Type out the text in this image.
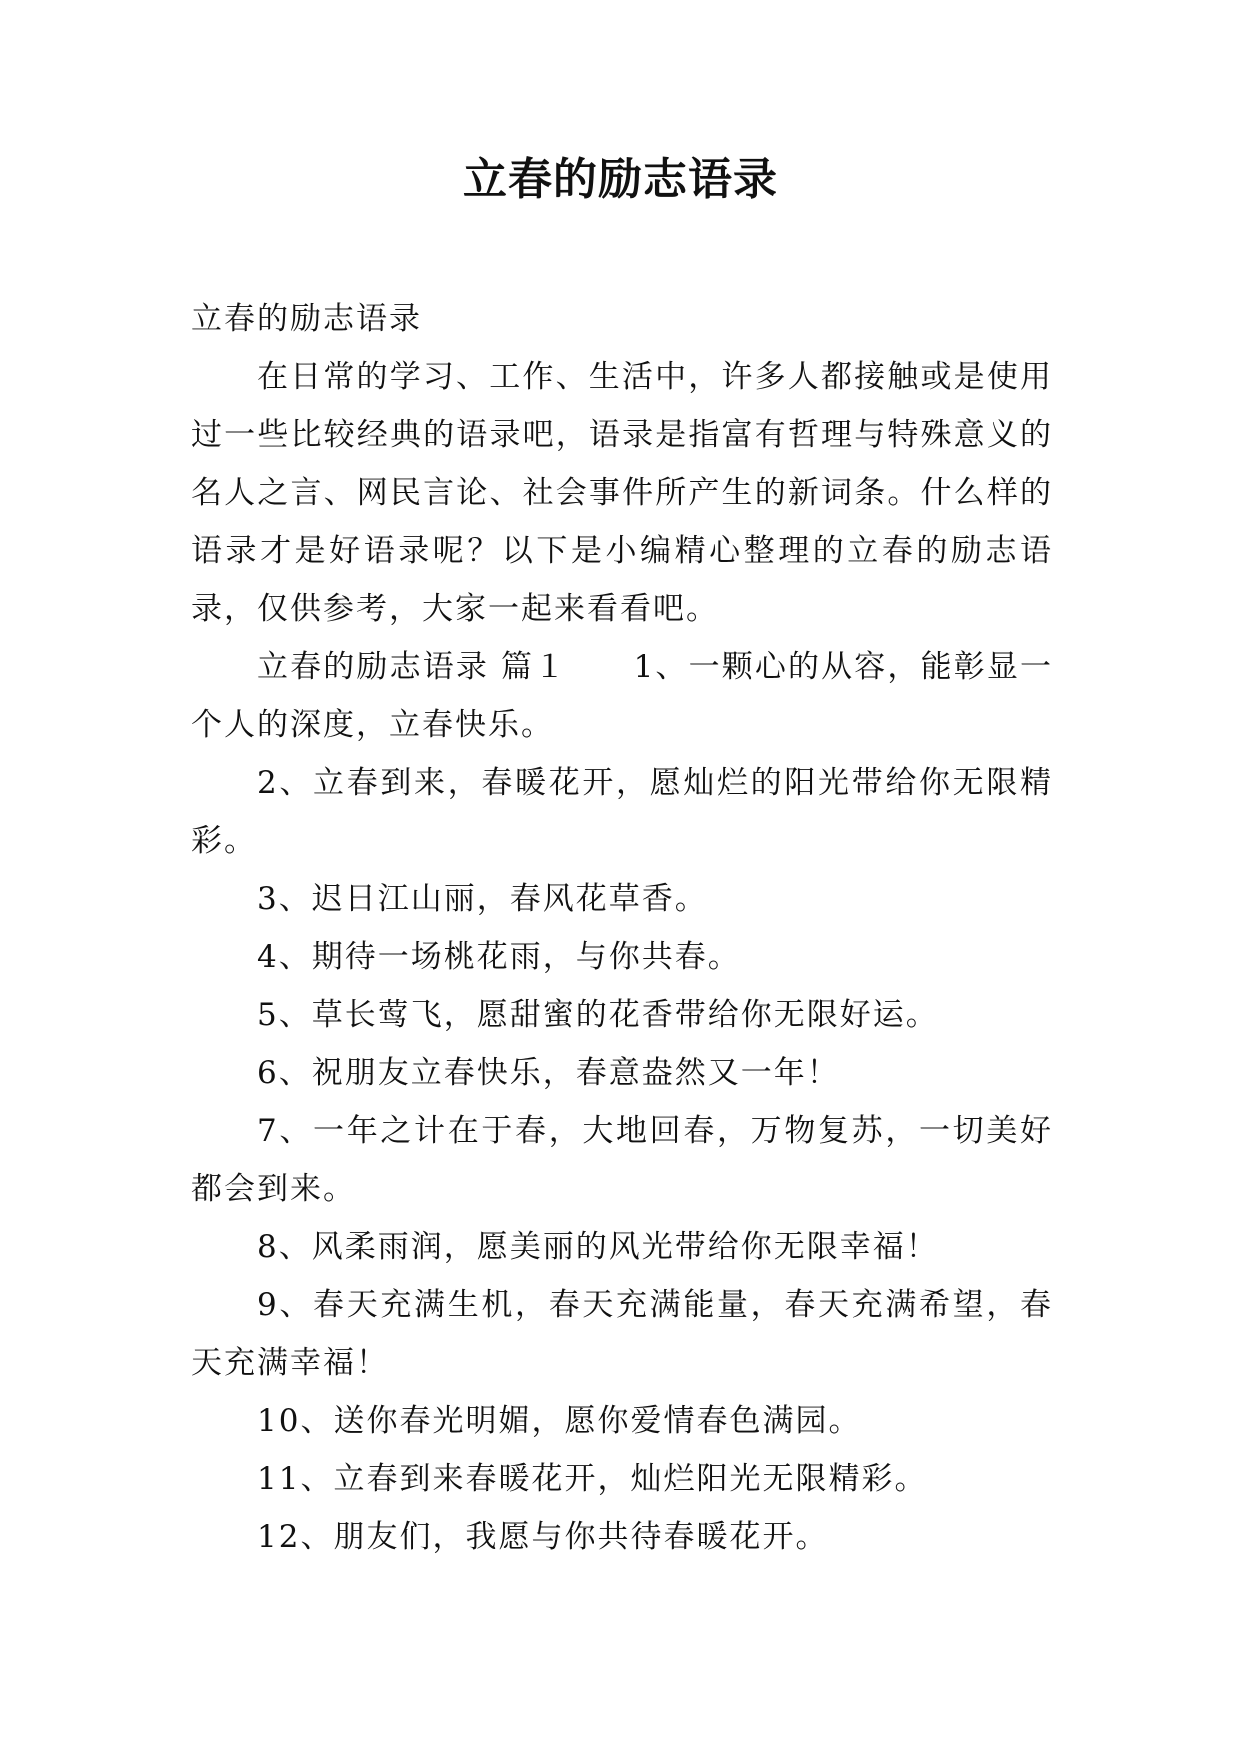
立春的励志语录

立春的励志语录

在日常的学习、工作、生活中，许多人都接触或是使用过一些比较经典的语录吧，语录是指富有哲理与特殊意义的名人之言、网民言论、社会事件所产生的新词条。什么样的语录才是好语录呢？以下是小编精心整理的立春的励志语录，仅供参考，大家一起来看看吧。

立春的励志语录 篇１　　1、一颗心的从容，能彰显一个人的深度，立春快乐。

2、立春到来，春暖花开，愿灿烂的阳光带给你无限精彩。

3、迟日江山丽，春风花草香。

4、期待一场桃花雨，与你共春。

5、草长莺飞，愿甜蜜的花香带给你无限好运。

6、祝朋友立春快乐，春意盎然又一年！

7、一年之计在于春，大地回春，万物复苏，一切美好都会到来。

8、风柔雨润，愿美丽的风光带给你无限幸福！

9、春天充满生机，春天充满能量，春天充满希望，春天充满幸福！

10、送你春光明媚，愿你爱情春色满园。

11、立春到来春暖花开，灿烂阳光无限精彩。

12、朋友们，我愿与你共待春暖花开。
